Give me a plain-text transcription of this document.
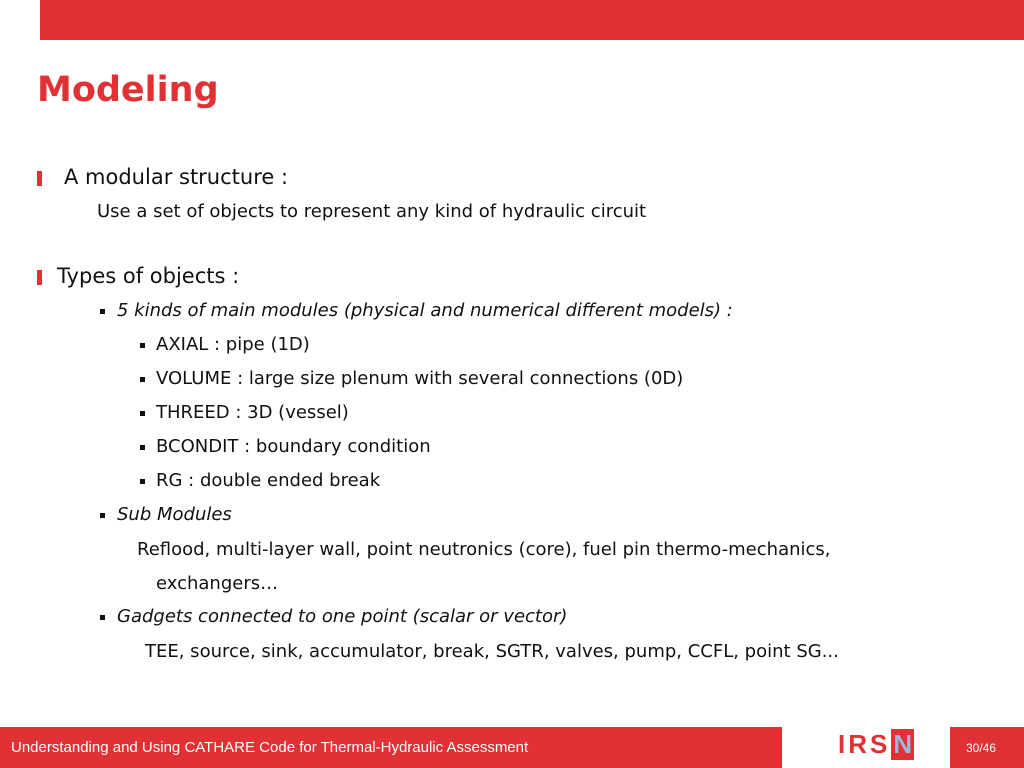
Modeling
A modular structure :
Use a set of objects to represent any kind of hydraulic circuit
Types of objects :
5 kinds of main modules (physical and numerical different models) :
AXIAL : pipe (1D)
VOLUME : large size plenum with several connections (0D)
THREED : 3D (vessel)
BCONDIT : boundary condition
RG : double ended break
Sub Modules
Reflood, multi-layer wall, point neutronics (core), fuel pin thermo-mechanics,
exchangers…
Gadgets connected to one point (scalar or vector)
TEE, source, sink, accumulator, break, SGTR, valves, pump, CCFL, point SG...
Understanding and Using CATHARE Code for Thermal-Hydraulic Assessment	IRS N	30/46
